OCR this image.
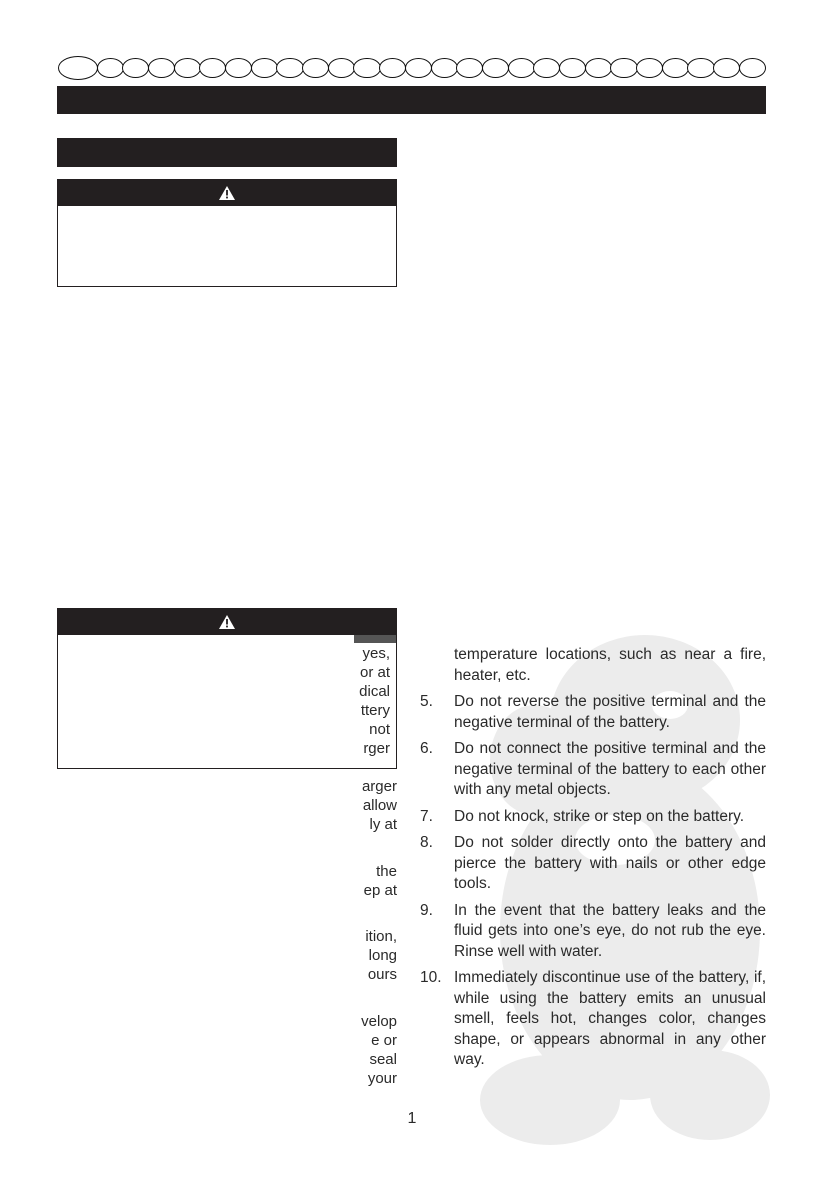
yes,
or at
dical
ttery
not
rger
arger
allow
ly at
the
ep at
ition,
long
ours
velop
e or
seal
your
temperature locations, such as near a fire, heater, etc.
5.	Do not reverse the positive terminal and the negative terminal of the battery.
6.	Do not connect the positive terminal and the negative terminal of the battery to each other with any metal objects.
7.	Do not knock, strike or step on the battery.
8.	Do not solder directly onto the battery and pierce the battery with nails or other edge tools.
9.	In the event that the battery leaks and the fluid gets into one’s eye, do not rub the eye. Rinse well with water.
10. Immediately discontinue use of the battery, if, while using the battery emits an unusual smell, feels hot, changes color, changes shape, or appears abnormal in any other way.
1
